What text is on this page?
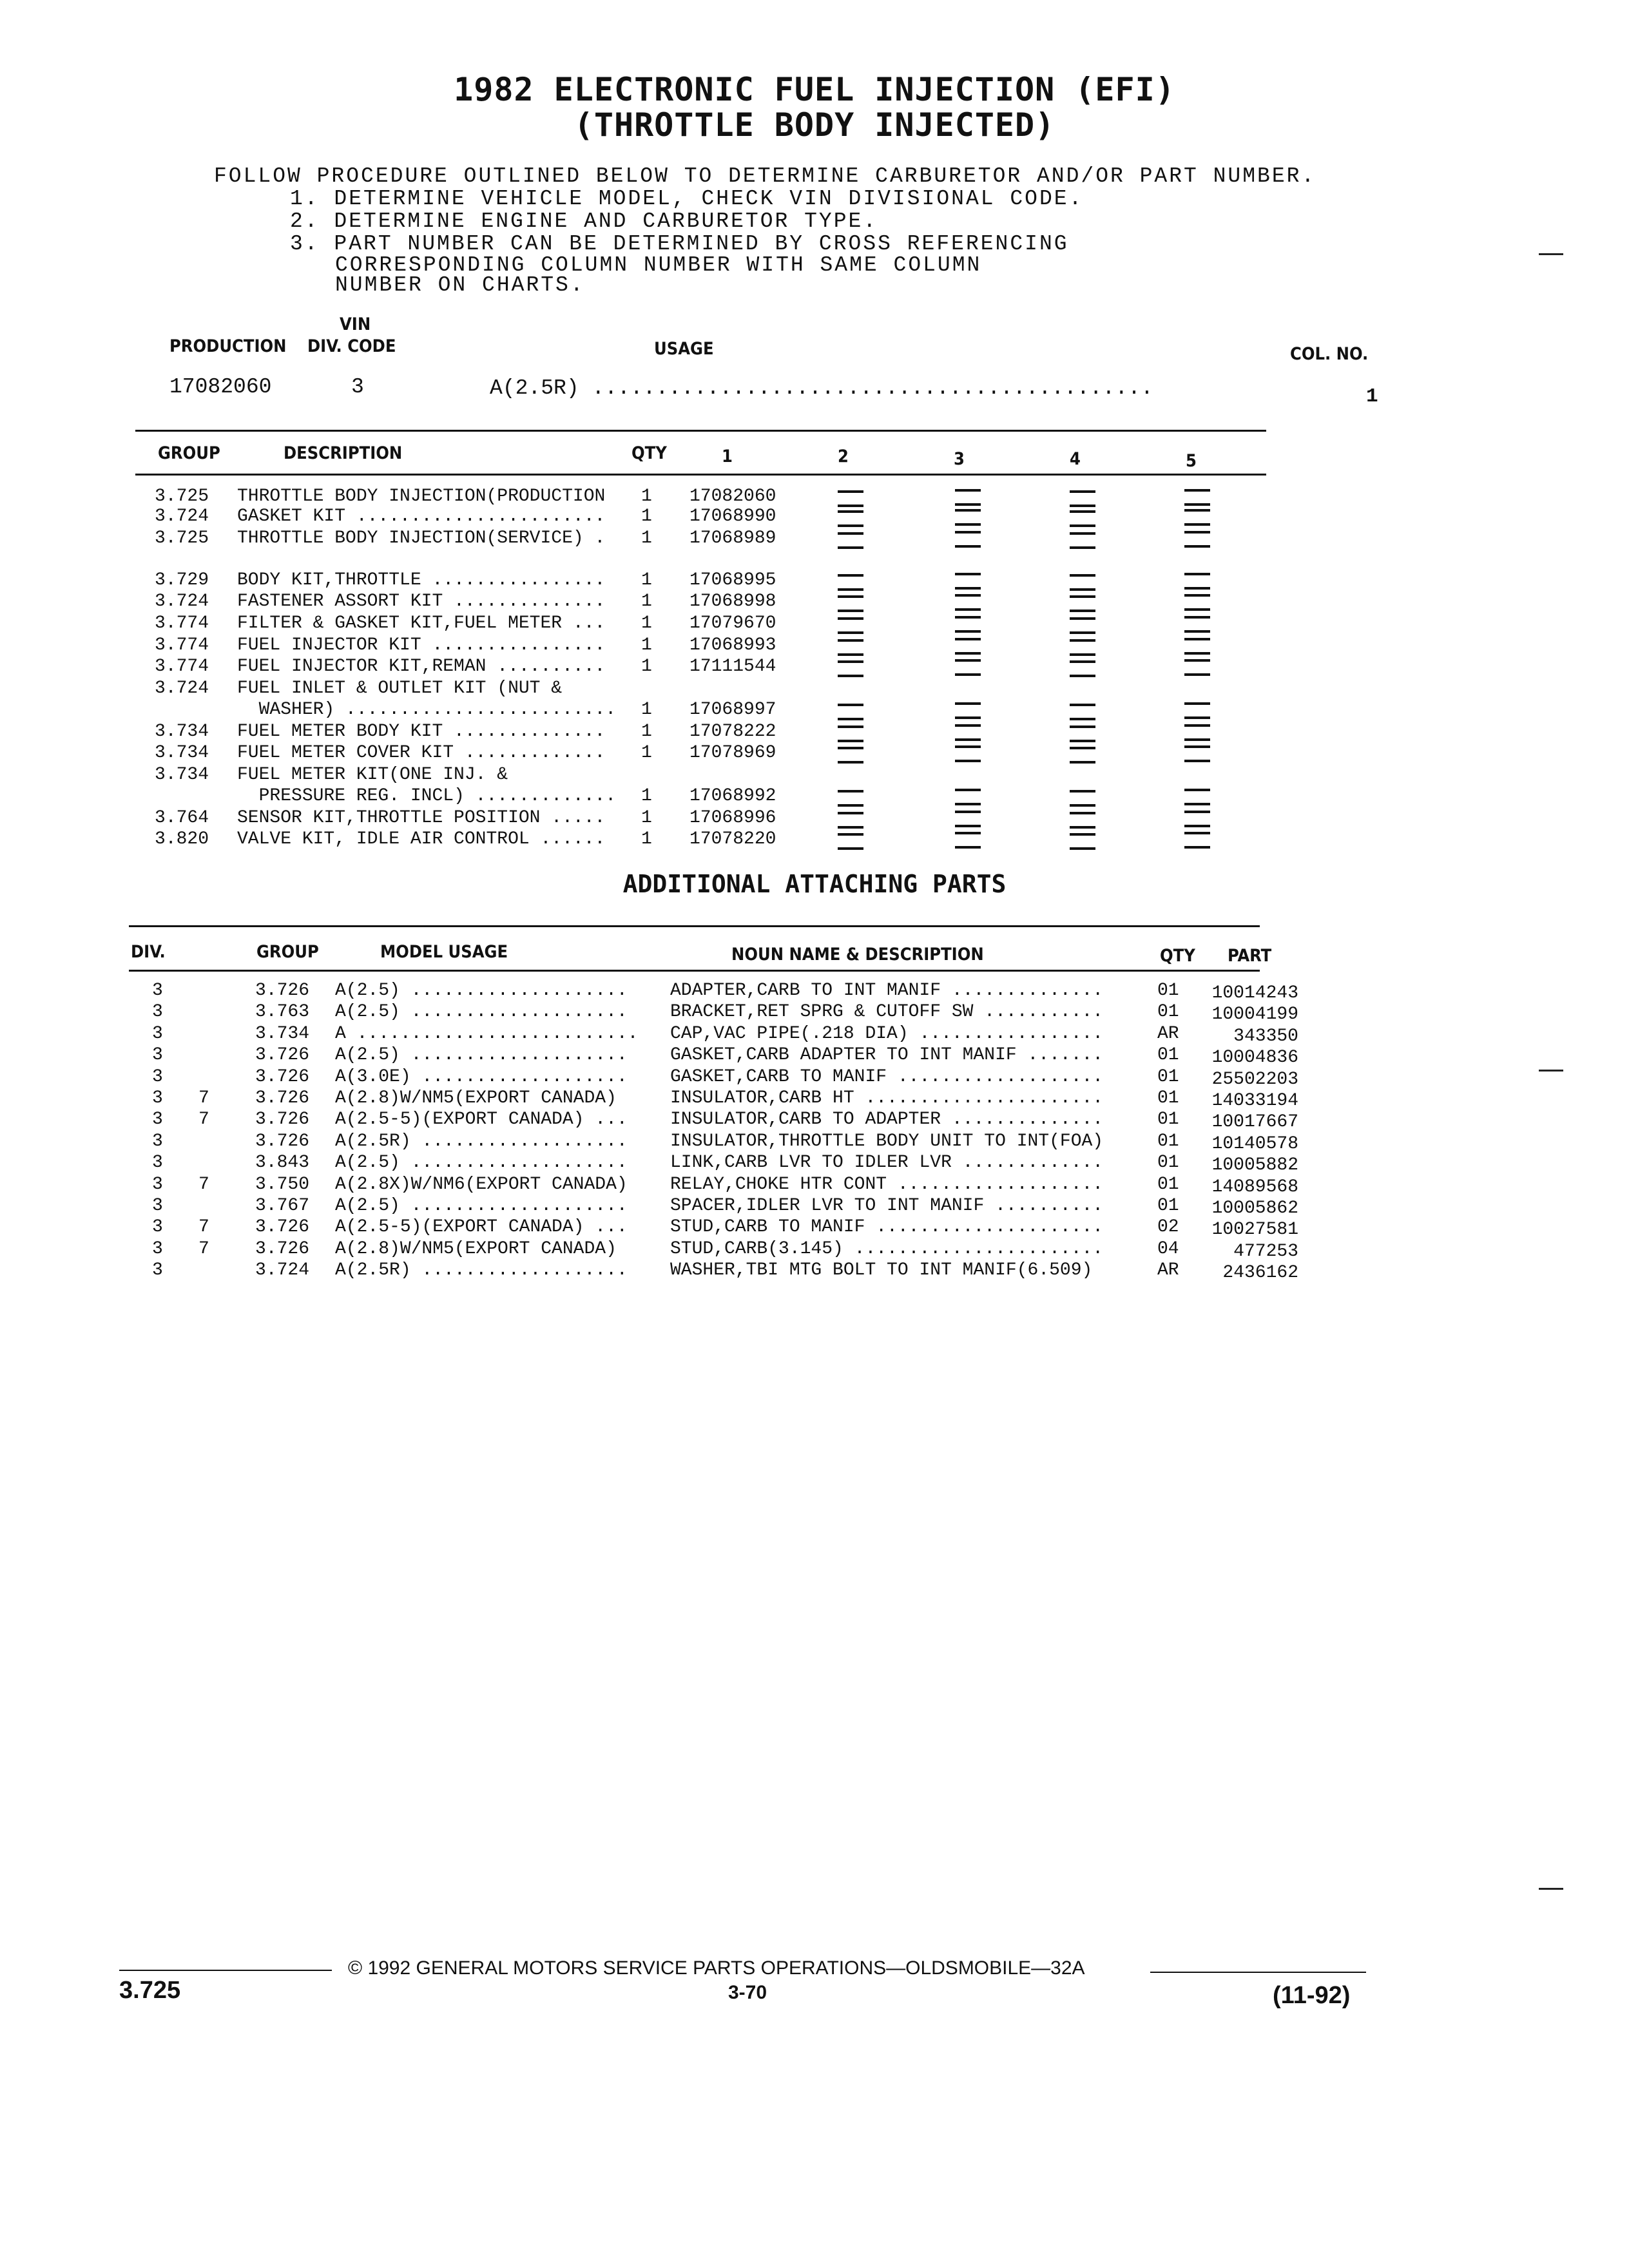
1982 ELECTRONIC FUEL INJECTION (EFI)
(THROTTLE BODY INJECTED)
FOLLOW PROCEDURE OUTLINED BELOW TO DETERMINE CARBURETOR AND/OR PART NUMBER.
1. DETERMINE VEHICLE MODEL, CHECK VIN DIVISIONAL CODE.
2. DETERMINE ENGINE AND CARBURETOR TYPE.
3. PART NUMBER CAN BE DETERMINED BY CROSS REFERENCING
CORRESPONDING COLUMN NUMBER WITH SAME COLUMN
NUMBER ON CHARTS.
VIN
PRODUCTION DIV. CODE	USAGE	COL. NO.
17082060	3	A(2.5R) ............................................	1
GROUP	DESCRIPTION	QTY	1	2	3	4	5
3.725 THROTTLE BODY INJECTION(PRODUCTION 1 17082060
3.724 GASKET KIT ....................... 1 17068990
3.725 THROTTLE BODY INJECTION(SERVICE) . 1 17068989
3.729 BODY KIT,THROTTLE ................ 1 17068995
3.724 FASTENER ASSORT KIT .............. 1 17068998
3.774 FILTER & GASKET KIT,FUEL METER ... 1 17079670
3.774 FUEL INJECTOR KIT ................ 1 17068993
3.774 FUEL INJECTOR KIT,REMAN .......... 1 17111544
3.724 FUEL INLET & OUTLET KIT (NUT &
WASHER) ......................... 1 17068997
3.734 FUEL METER BODY KIT .............. 1 17078222
3.734 FUEL METER COVER KIT ............. 1 17078969
3.734 FUEL METER KIT(ONE INJ. &
PRESSURE REG. INCL) ............. 1 17068992
3.764 SENSOR KIT,THROTTLE POSITION ..... 1 17068996
3.820 VALVE KIT, IDLE AIR CONTROL ...... 1 17078220
ADDITIONAL ATTACHING PARTS
DIV.	GROUP	MODEL USAGE	NOUN NAME & DESCRIPTION	QTY PART
3	3.726 A(2.5) .................... ADAPTER,CARB TO INT MANIF ..............	01	10014243
3	3.763 A(2.5) .................... BRACKET,RET SPRG & CUTOFF SW ...........	01	10004199
3	3.734 A .......................... CAP,VAC PIPE(.218 DIA) .................	AR	343350
3	3.726 A(2.5) .................... GASKET,CARB ADAPTER TO INT MANIF .......	01	10004836
3	3.726 A(3.0E) ................... GASKET,CARB TO MANIF ...................	01	25502203
3 7	3.726 A(2.8)W/NM5(EXPORT CANADA)	INSULATOR,CARB HT ......................	01	14033194
3 7	3.726 A(2.5-5)(EXPORT CANADA) ... INSULATOR,CARB TO ADAPTER ..............	01	10017667
3	3.726 A(2.5R) ................... INSULATOR,THROTTLE BODY UNIT TO INT(FOA)	01	10140578
3	3.843 A(2.5) .................... LINK,CARB LVR TO IDLER LVR .............	01	10005882
3 7	3.750 A(2.8X)W/NM6(EXPORT CANADA) RELAY,CHOKE HTR CONT ...................	01	14089568
3	3.767 A(2.5) .................... SPACER,IDLER LVR TO INT MANIF ..........	01	10005862
3 7	3.726 A(2.5-5)(EXPORT CANADA) ... STUD,CARB TO MANIF .....................	02	10027581
3 7	3.726 A(2.8)W/NM5(EXPORT CANADA)	STUD,CARB(3.145) .......................	04	477253
3	3.724 A(2.5R) ................... WASHER,TBI MTG BOLT TO INT MANIF(6.509)	AR	2436162
© 1992 GENERAL MOTORS SERVICE PARTS OPERATIONS—OLDSMOBILE—32A
3.725	3-70	(11-92)
